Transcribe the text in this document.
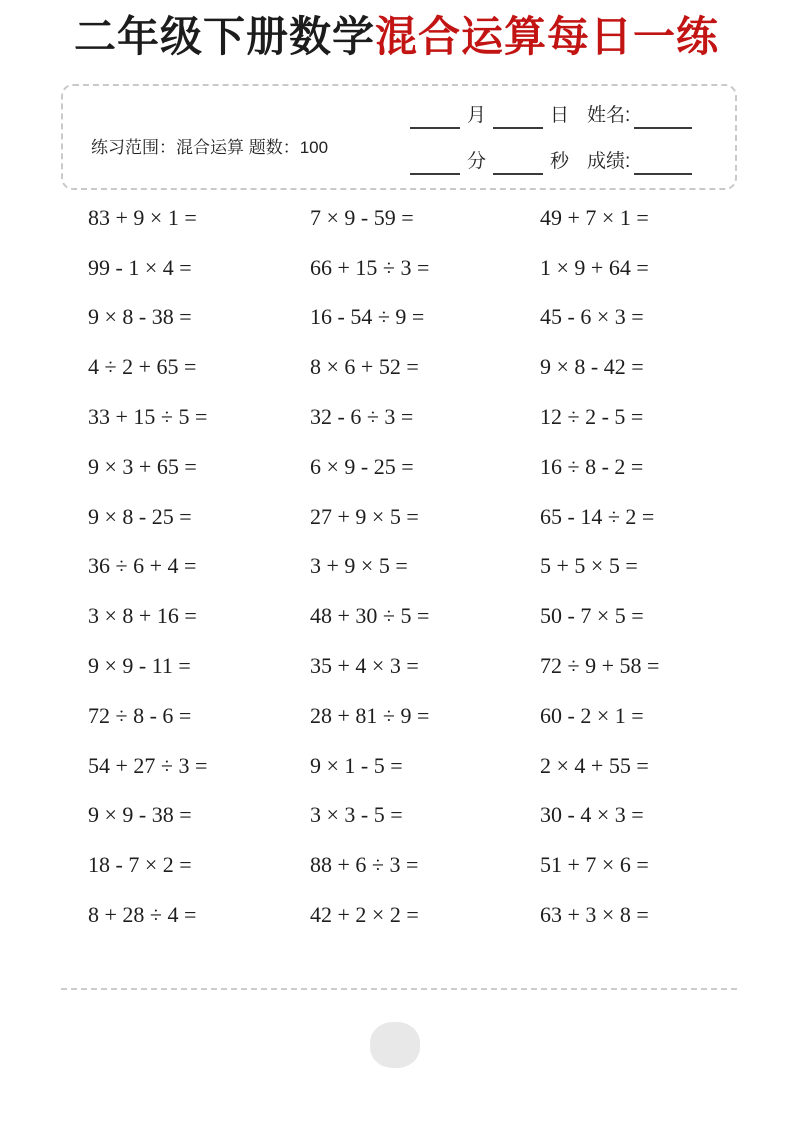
二年级下册数学混合运算每日一练
练习范围：混合运算 题数：100
月	日 姓名:
分	秒 成绩:
83 + 9 × 1 =	7 × 9 - 59 =	49 + 7 × 1 =
99 - 1 × 4 =	66 + 15 ÷ 3 =	1 × 9 + 64 =
9 × 8 - 38 =	16 - 54 ÷ 9 =	45 - 6 × 3 =
4 ÷ 2 + 65 =	8 × 6 + 52 =	9 × 8 - 42 =
33 + 15 ÷ 5 =	32 - 6 ÷ 3 =	12 ÷ 2 - 5 =
9 × 3 + 65 =	6 × 9 - 25 =	16 ÷ 8 - 2 =
9 × 8 - 25 =	27 + 9 × 5 =	65 - 14 ÷ 2 =
36 ÷ 6 + 4 =	3 + 9 × 5 =	5 + 5 × 5 =
3 × 8 + 16 =	48 + 30 ÷ 5 =	50 - 7 × 5 =
9 × 9 - 11 =	35 + 4 × 3 =	72 ÷ 9 + 58 =
72 ÷ 8 - 6 =	28 + 81 ÷ 9 =	60 - 2 × 1 =
54 + 27 ÷ 3 =	9 × 1 - 5 =	2 × 4 + 55 =
9 × 9 - 38 =	3 × 3 - 5 =	30 - 4 × 3 =
18 - 7 × 2 =	88 + 6 ÷ 3 =	51 + 7 × 6 =
8 + 28 ÷ 4 =	42 + 2 × 2 =	63 + 3 × 8 =
